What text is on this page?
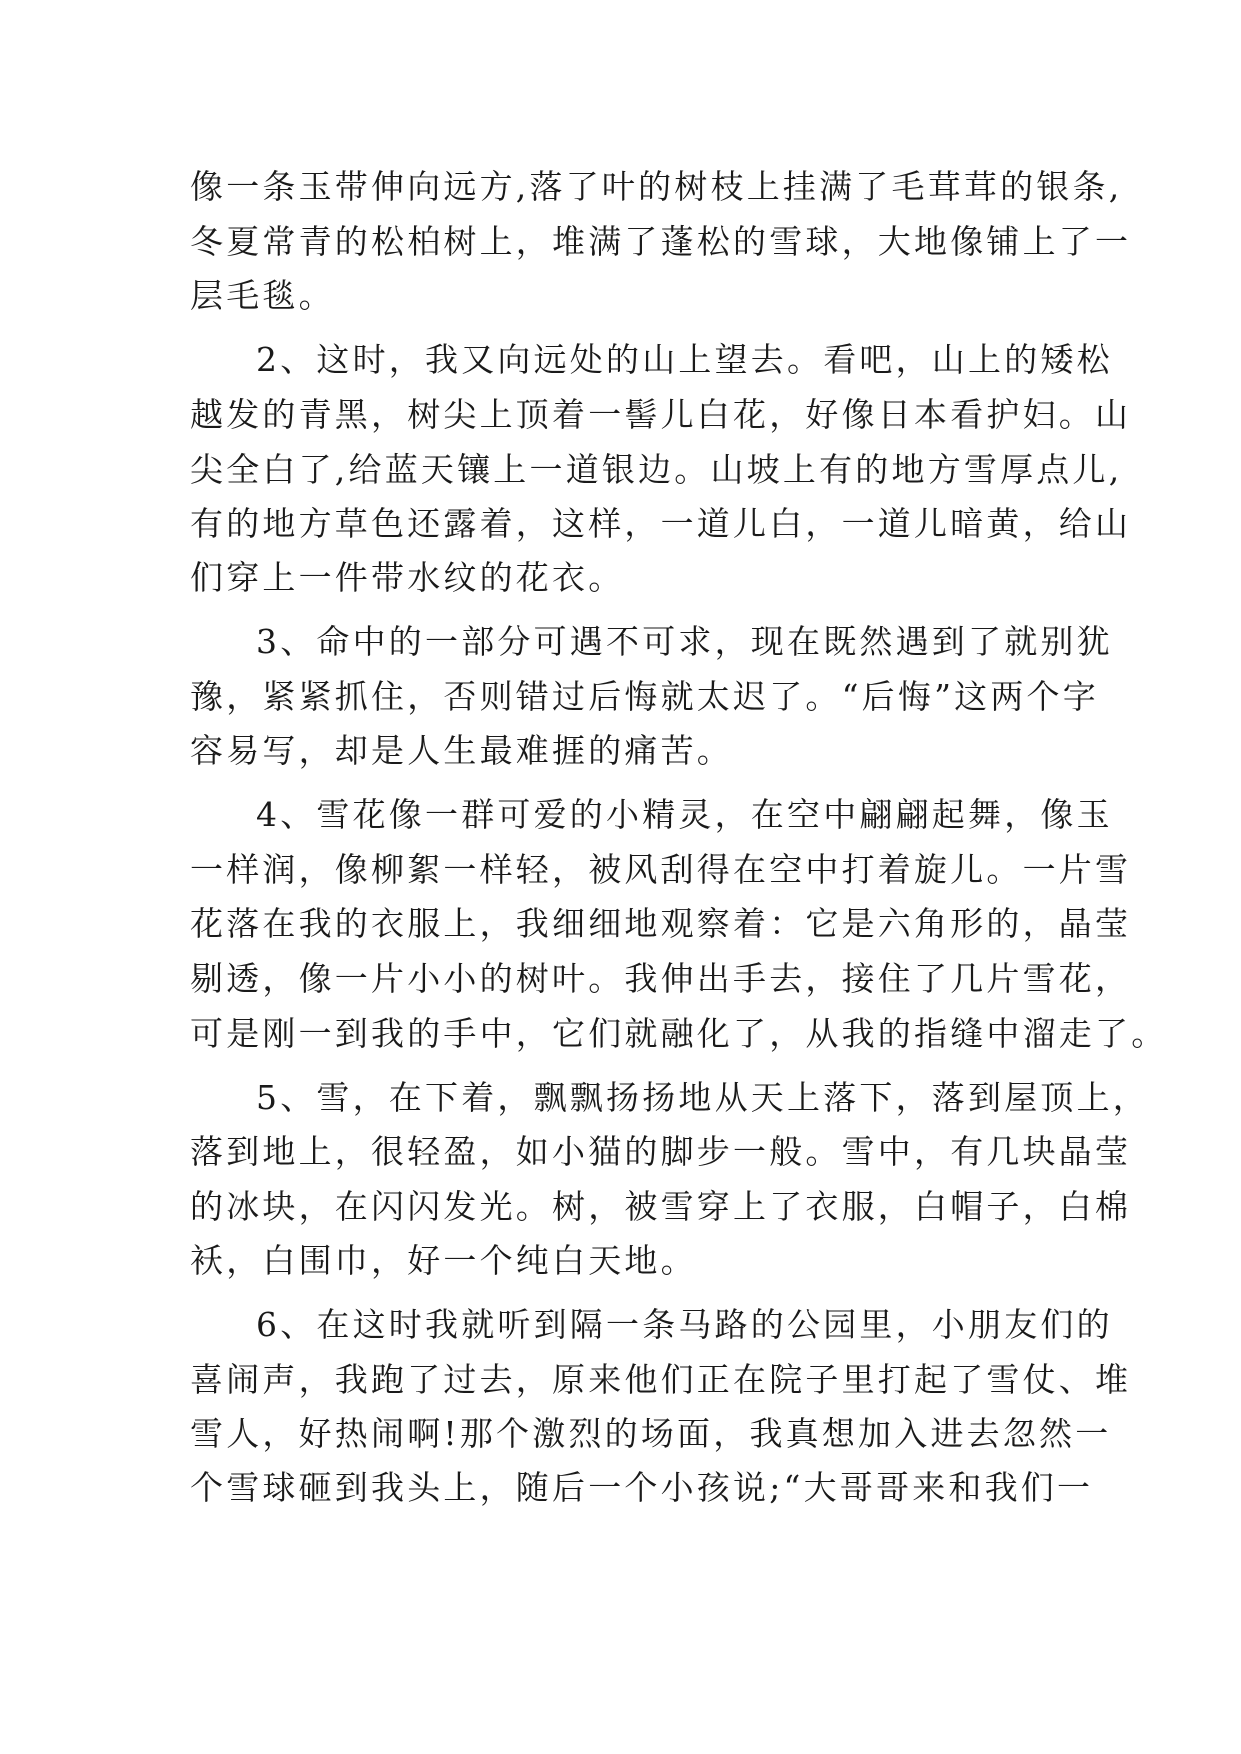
像一条玉带伸向远方,落了叶的树枝上挂满了毛茸茸的银条,
冬夏常青的松柏树上，堆满了蓬松的雪球，大地像铺上了一
层毛毯。
2、这时，我又向远处的山上望去。看吧，山上的矮松
越发的青黑，树尖上顶着一髻儿白花，好像日本看护妇。山
尖全白了,给蓝天镶上一道银边。山坡上有的地方雪厚点儿,
有的地方草色还露着，这样，一道儿白，一道儿暗黄，给山
们穿上一件带水纹的花衣。
3、命中的一部分可遇不可求，现在既然遇到了就别犹
豫，紧紧抓住，否则错过后悔就太迟了。“后悔”这两个字
容易写，却是人生最难捱的痛苦。
4、雪花像一群可爱的小精灵，在空中翩翩起舞，像玉
一样润，像柳絮一样轻，被风刮得在空中打着旋儿。一片雪
花落在我的衣服上，我细细地观察着：它是六角形的，晶莹
剔透，像一片小小的树叶。我伸出手去，接住了几片雪花，
可是刚一到我的手中，它们就融化了，从我的指缝中溜走了。
5、雪，在下着，飘飘扬扬地从天上落下，落到屋顶上，
落到地上，很轻盈，如小猫的脚步一般。雪中，有几块晶莹
的冰块，在闪闪发光。树，被雪穿上了衣服，白帽子，白棉
袄，白围巾，好一个纯白天地。
6、在这时我就听到隔一条马路的公园里，小朋友们的
喜闹声，我跑了过去，原来他们正在院子里打起了雪仗、堆
雪人，好热闹啊!那个激烈的场面，我真想加入进去忽然一
个雪球砸到我头上，随后一个小孩说;“大哥哥来和我们一
